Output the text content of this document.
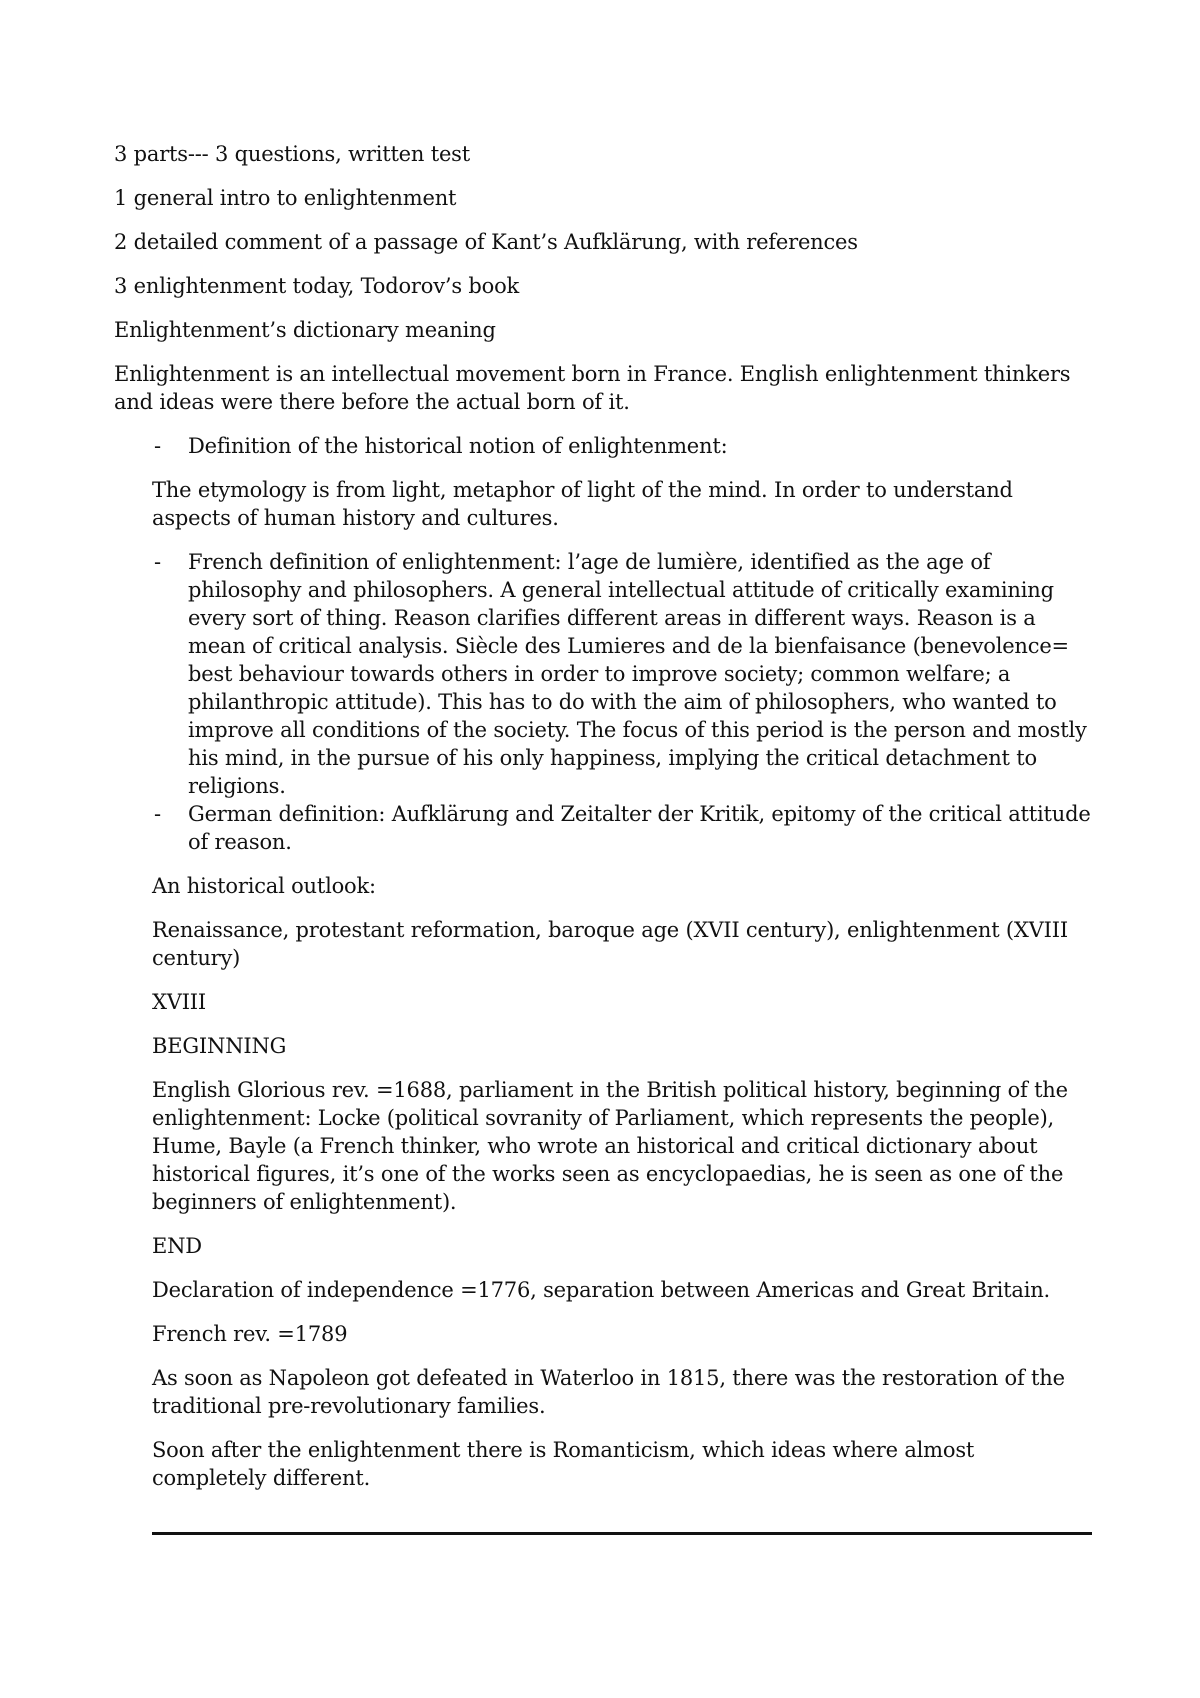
3 parts--- 3 questions, written test

1 general intro to enlightenment

2 detailed comment of a passage of Kant’s Aufklärung, with references

3 enlightenment today, Todorov’s book

Enlightenment’s dictionary meaning

Enlightenment is an intellectual movement born in France. English enlightenment thinkers and ideas were there before the actual born of it.

- Definition of the historical notion of enlightenment:

The etymology is from light, metaphor of light of the mind. In order to understand aspects of human history and cultures.

- French definition of enlightenment: l’age de lumière, identified as the age of philosophy and philosophers. A general intellectual attitude of critically examining every sort of thing. Reason clarifies different areas in different ways. Reason is a mean of critical analysis. Siècle des Lumieres and de la bienfaisance (benevolence= best behaviour towards others in order to improve society; common welfare; a philanthropic attitude). This has to do with the aim of philosophers, who wanted to improve all conditions of the society. The focus of this period is the person and mostly his mind, in the pursue of his only happiness, implying the critical detachment to religions.
- German definition: Aufklärung and Zeitalter der Kritik, epitomy of the critical attitude of reason.

An historical outlook:

Renaissance, protestant reformation, baroque age (XVII century), enlightenment (XVIII century)

XVIII

BEGINNING

English Glorious rev. =1688, parliament in the British political history, beginning of the enlightenment: Locke (political sovranity of Parliament, which represents the people), Hume, Bayle (a French thinker, who wrote an historical and critical dictionary about historical figures, it’s one of the works seen as encyclopaedias, he is seen as one of the beginners of enlightenment).

END

Declaration of independence =1776, separation between Americas and Great Britain.

French rev. =1789

As soon as Napoleon got defeated in Waterloo in 1815, there was the restoration of the traditional pre-revolutionary families.

Soon after the enlightenment there is Romanticism, which ideas where almost completely different.
